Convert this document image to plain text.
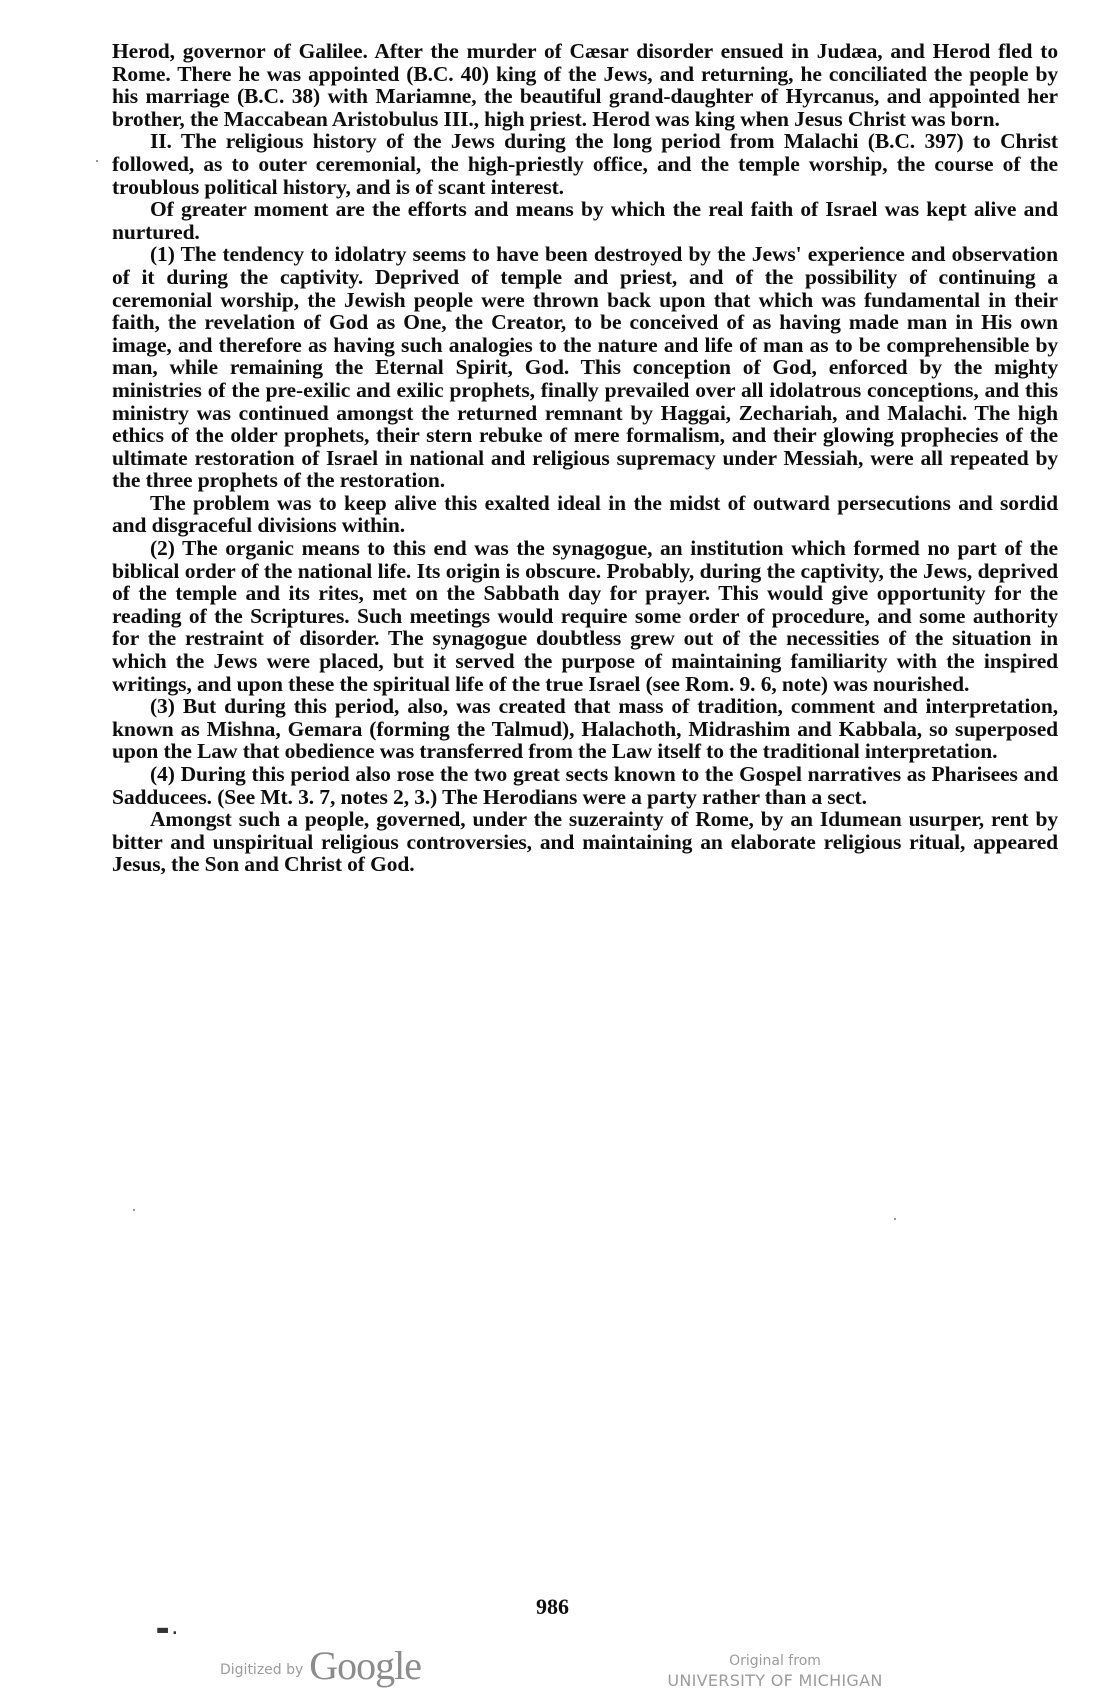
Herod, governor of Galilee. After the murder of Cæsar disorder ensued in Judæa, and Herod fled to Rome. There he was appointed (B.C. 40) king of the Jews, and returning, he conciliated the people by his marriage (B.C. 38) with Mariamne, the beautiful grand-daughter of Hyrcanus, and appointed her brother, the Maccabean Aristobulus III., high priest. Herod was king when Jesus Christ was born.

II. The religious history of the Jews during the long period from Malachi (B.C. 397) to Christ followed, as to outer ceremonial, the high-priestly office, and the temple worship, the course of the troublous political history, and is of scant interest.

Of greater moment are the efforts and means by which the real faith of Israel was kept alive and nurtured.

(1) The tendency to idolatry seems to have been destroyed by the Jews' experience and observation of it during the captivity. Deprived of temple and priest, and of the possibility of continuing a ceremonial worship, the Jewish people were thrown back upon that which was fundamental in their faith, the revelation of God as One, the Creator, to be conceived of as having made man in His own image, and therefore as having such analogies to the nature and life of man as to be comprehensible by man, while remaining the Eternal Spirit, God. This conception of God, enforced by the mighty ministries of the pre-exilic and exilic prophets, finally prevailed over all idolatrous conceptions, and this ministry was continued amongst the returned remnant by Haggai, Zechariah, and Malachi. The high ethics of the older prophets, their stern rebuke of mere formalism, and their glowing prophecies of the ultimate restoration of Israel in national and religious supremacy under Messiah, were all repeated by the three prophets of the restoration.

The problem was to keep alive this exalted ideal in the midst of outward persecutions and sordid and disgraceful divisions within.

(2) The organic means to this end was the synagogue, an institution which formed no part of the biblical order of the national life. Its origin is obscure. Probably, during the captivity, the Jews, deprived of the temple and its rites, met on the Sabbath day for prayer. This would give opportunity for the reading of the Scriptures. Such meetings would require some order of procedure, and some authority for the restraint of disorder. The synagogue doubtless grew out of the necessities of the situation in which the Jews were placed, but it served the purpose of maintaining familiarity with the inspired writings, and upon these the spiritual life of the true Israel (see Rom. 9. 6, note) was nourished.

(3) But during this period, also, was created that mass of tradition, comment and interpretation, known as Mishna, Gemara (forming the Talmud), Halachoth, Midrashim and Kabbala, so superposed upon the Law that obedience was transferred from the Law itself to the traditional interpretation.

(4) During this period also rose the two great sects known to the Gospel narratives as Pharisees and Sadducees. (See Mt. 3. 7, notes 2, 3.) The Herodians were a party rather than a sect.

Amongst such a people, governed, under the suzerainty of Rome, by an Idumean usurper, rent by bitter and unspiritual religious controversies, and maintaining an elaborate religious ritual, appeared Jesus, the Son and Christ of God.

986
▬ .
Digitized by Google	Original from
UNIVERSITY OF MICHIGAN
